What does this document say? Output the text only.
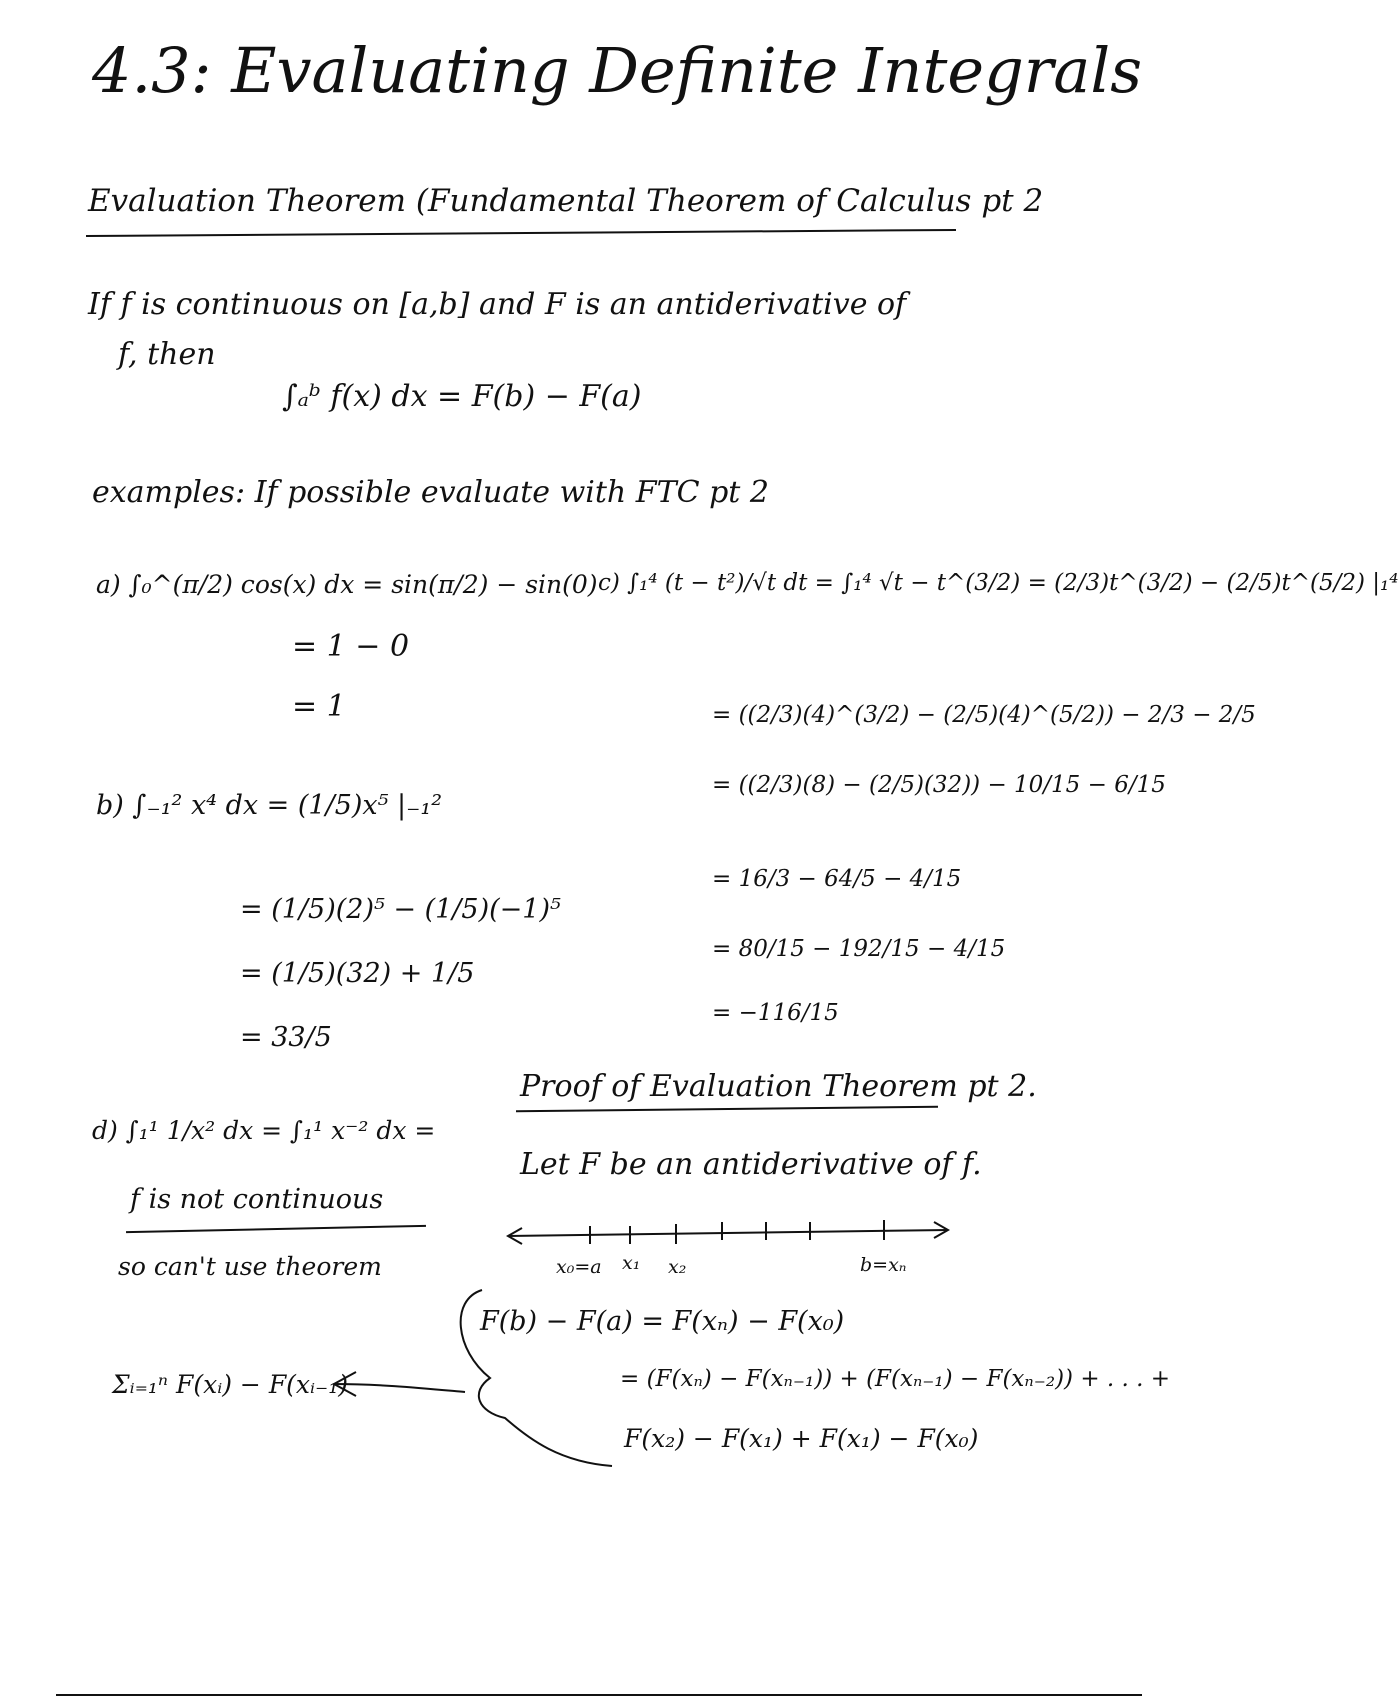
4.3: Evaluating Definite Integrals
Evaluation Theorem (Fundamental Theorem of Calculus pt 2
If f is continuous on [a,b] and F is an antiderivative of
f, then
∫ₐᵇ f(x) dx = F(b) − F(a)
examples: If possible evaluate with FTC pt 2
a) ∫₀^(π/2) cos(x) dx = sin(π/2) − sin(0)
= 1 − 0
= 1
c) ∫₁⁴ (t − t²)/√t dt = ∫₁⁴ √t − t^(3/2) = (2/3)t^(3/2) − (2/5)t^(5/2) |₁⁴
= ((2/3)(4)^(3/2) − (2/5)(4)^(5/2)) − 2/3 − 2/5
= ((2/3)(8) − (2/5)(32)) − 10/15 − 6/15
= 16/3 − 64/5 − 4/15
= 80/15 − 192/15 − 4/15
= −116/15
b) ∫₋₁² x⁴ dx = (1/5)x⁵ |₋₁²
= (1/5)(2)⁵ − (1/5)(−1)⁵
= (1/5)(32) + 1/5
= 33/5
d) ∫₁¹ 1/x² dx = ∫₁¹ x⁻² dx =
f is not continuous
so can't use theorem
Proof of Evaluation Theorem pt 2.
Let F be an antiderivative of f.
x₀=a x₁ x₂	b=xₙ
F(b) − F(a) = F(xₙ) − F(x₀)
= (F(xₙ) − F(xₙ₋₁)) + (F(xₙ₋₁) − F(xₙ₋₂)) + . . . +
F(x₂) − F(x₁) + F(x₁) − F(x₀)
Σᵢ₌₁ⁿ F(xᵢ) − F(xᵢ₋₁)
